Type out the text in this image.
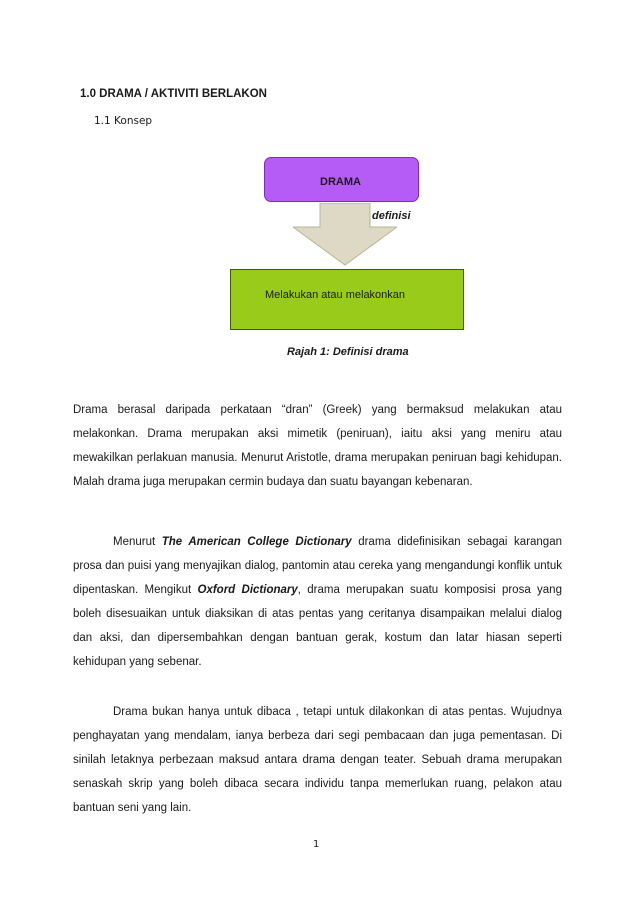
1.0 DRAMA / AKTIVITI BERLAKON
1.1 Konsep
DRAMA
definisi
Melakukan atau melakonkan
Rajah 1: Definisi drama

Drama berasal daripada perkataan “dran” (Greek) yang bermaksud melakukan atau melakonkan. Drama merupakan aksi mimetik (peniruan), iaitu aksi yang meniru atau mewakilkan perlakuan manusia. Menurut Aristotle, drama merupakan peniruan bagi kehidupan. Malah drama juga merupakan cermin budaya dan suatu bayangan kebenaran.

Menurut The American College Dictionary drama didefinisikan sebagai karangan prosa dan puisi yang menyajikan dialog, pantomin atau cereka yang mengandungi konflik untuk dipentaskan. Mengikut Oxford Dictionary, drama merupakan suatu komposisi prosa yang boleh disesuaikan untuk diaksikan di atas pentas yang ceritanya disampaikan melalui dialog dan aksi, dan dipersembahkan dengan bantuan gerak, kostum dan latar hiasan seperti kehidupan yang sebenar.

Drama bukan hanya untuk dibaca , tetapi untuk dilakonkan di atas pentas. Wujudnya penghayatan yang mendalam, ianya berbeza dari segi pembacaan dan juga pementasan. Di sinilah letaknya perbezaan maksud antara drama dengan teater. Sebuah drama merupakan senaskah skrip yang boleh dibaca secara individu tanpa memerlukan ruang, pelakon atau bantuan seni yang lain.

1
